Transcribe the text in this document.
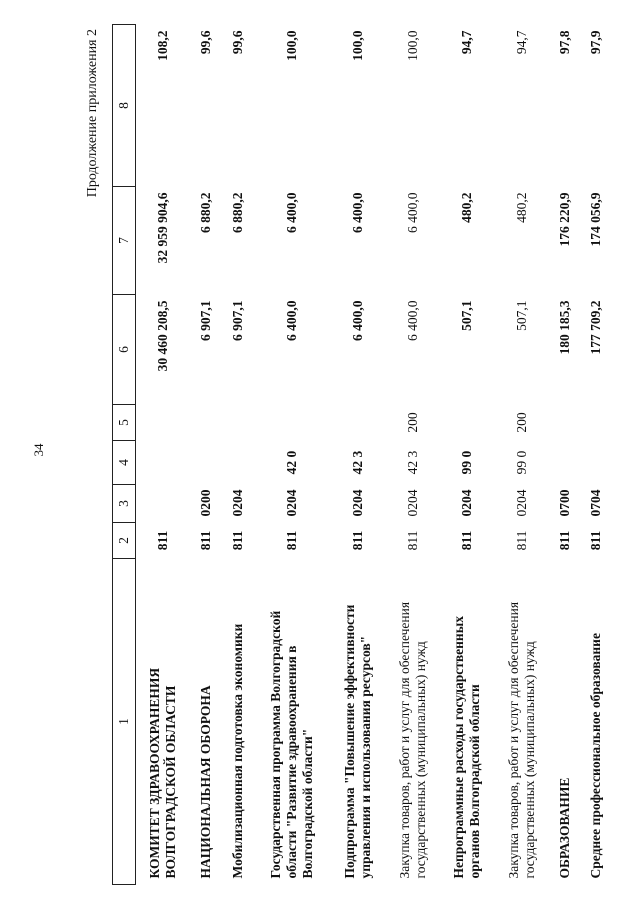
34
Продолжение приложения 2
1	2	3	4	5	6	7	8
КОМИТЕТ ЗДРАВООХРАНЕНИЯ ВОЛГОГРАДСКОЙ ОБЛАСТИ	811				30 460 208,5	32 959 904,6	108,2
НАЦИОНАЛЬНАЯ ОБОРОНА	811	0200			6 907,1	6 880,2	99,6
Мобилизационная подготовка экономики	811	0204			6 907,1	6 880,2	99,6
Государственная программа Волгоградской области "Развитие здравоохранения в Волгоградской области"	811	0204	42 0		6 400,0	6 400,0	100,0
Подпрограмма "Повышение эффективности управления и использования ресурсов"	811	0204	42 3		6 400,0	6 400,0	100,0
Закупка товаров, работ и услуг для обеспечения государственных (муниципальных) нужд	811	0204	42 3	200	6 400,0	6 400,0	100,0
Непрограммные расходы государственных органов Волгоградской области	811	0204	99 0		507,1	480,2	94,7
Закупка товаров, работ и услуг для обеспечения государственных (муниципальных) нужд	811	0204	99 0	200	507,1	480,2	94,7
ОБРАЗОВАНИЕ	811	0700			180 185,3	176 220,9	97,8
Среднее профессиональное образование	811	0704			177 709,2	174 056,9	97,9
